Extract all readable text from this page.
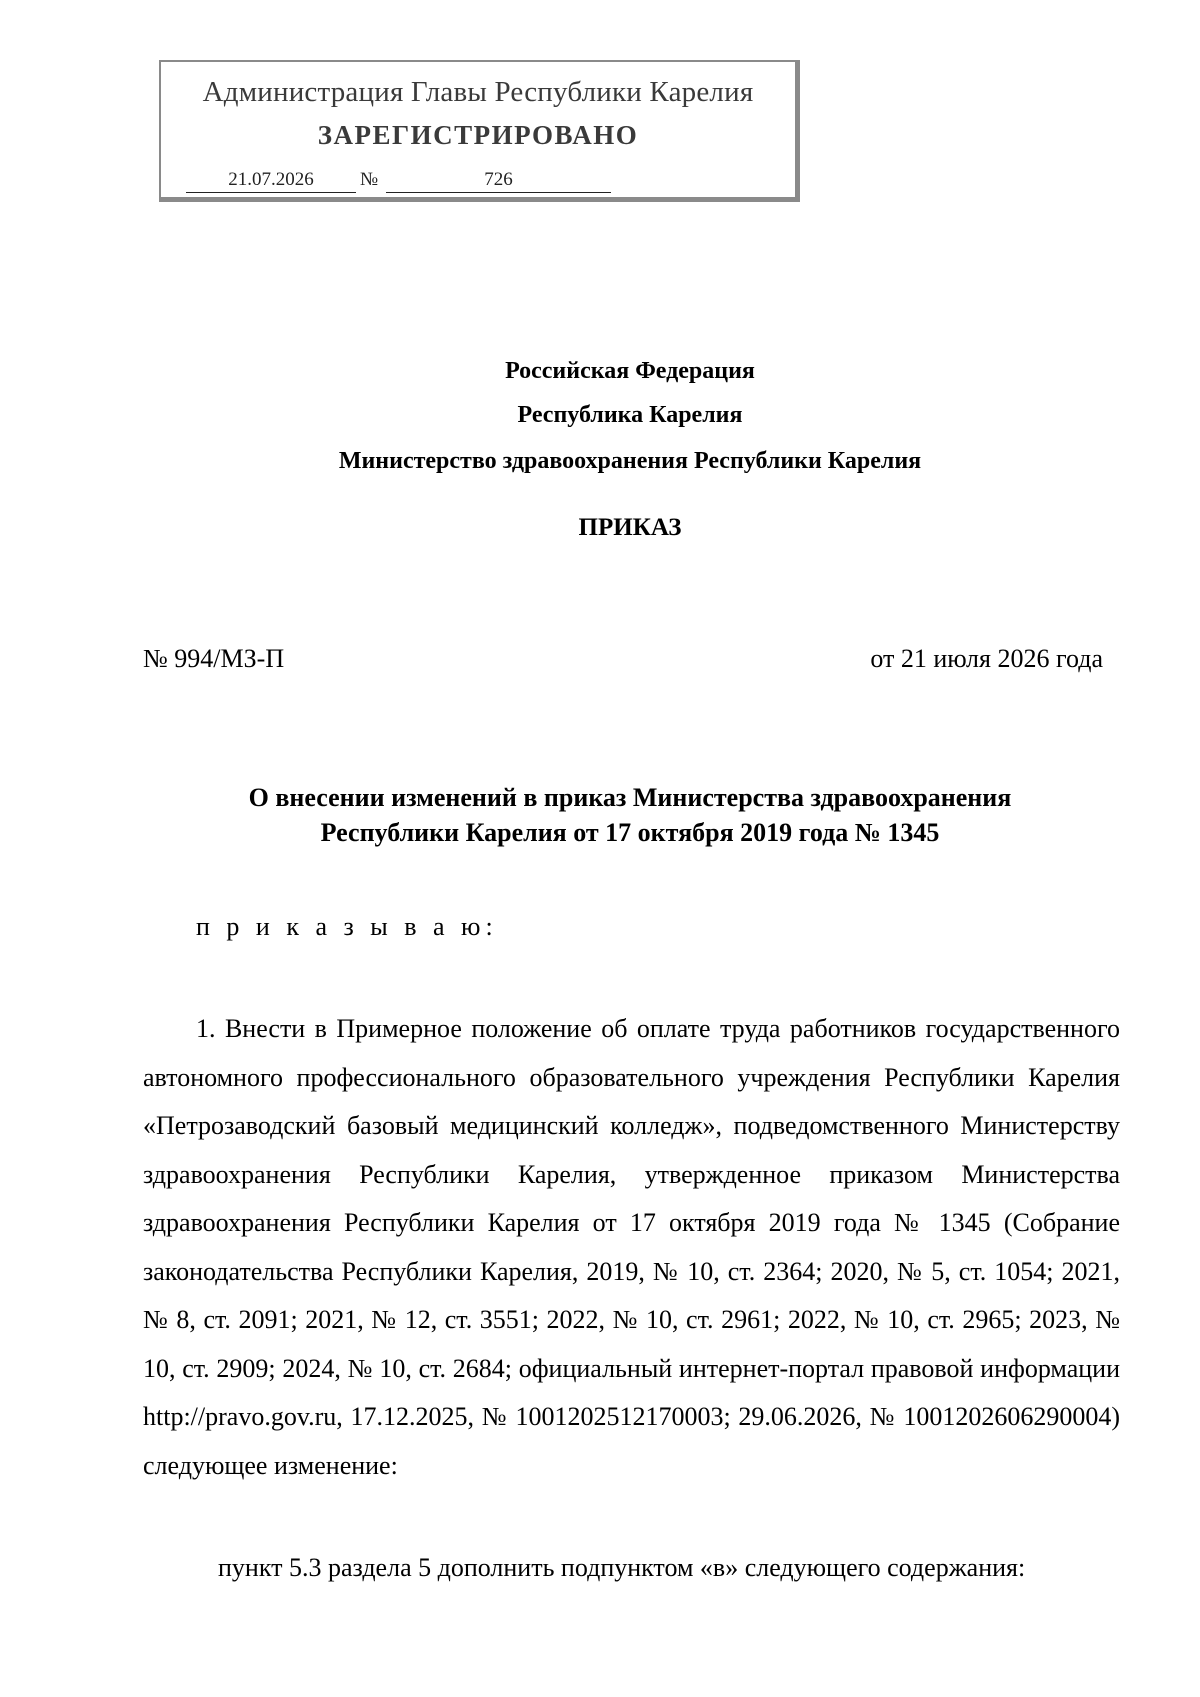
Администрация Главы Республики Карелия
ЗАРЕГИСТРИРОВАНО
21.07.2026	№	726
Российская Федерация
Республика Карелия
Министерство здравоохранения Республики Карелия
ПРИКАЗ
№ 994/МЗ-П	от 21 июля 2026 года
О внесении изменений в приказ Министерства здравоохранения
Республики Карелия от 17 октября 2019 года № 1345
п р и к а з ы в а ю:

1. Внести в Примерное положение об оплате труда работников государственного автономного профессионального образовательного учреждения Республики Карелия «Петрозаводский базовый медицинский колледж», подведомственного Министерству здравоохранения Республики Карелия, утвержденное приказом Министерства здравоохранения Республики Карелия от 17 октября 2019 года № 1345 (Собрание законодательства Республики Карелия, 2019, № 10, ст. 2364; 2020, № 5, ст. 1054; 2021, № 8, ст. 2091; 2021, № 12, ст. 3551; 2022, № 10, ст. 2961; 2022, № 10, ст. 2965; 2023, № 10, ст. 2909; 2024, № 10, ст. 2684; официальный интернет-портал правовой информации http://pravo.gov.ru, 17.12.2025, № 1001202512170003; 29.06.2026, № 1001202606290004) следующее изменение:

пункт 5.3 раздела 5 дополнить подпунктом «в» следующего содержания:
